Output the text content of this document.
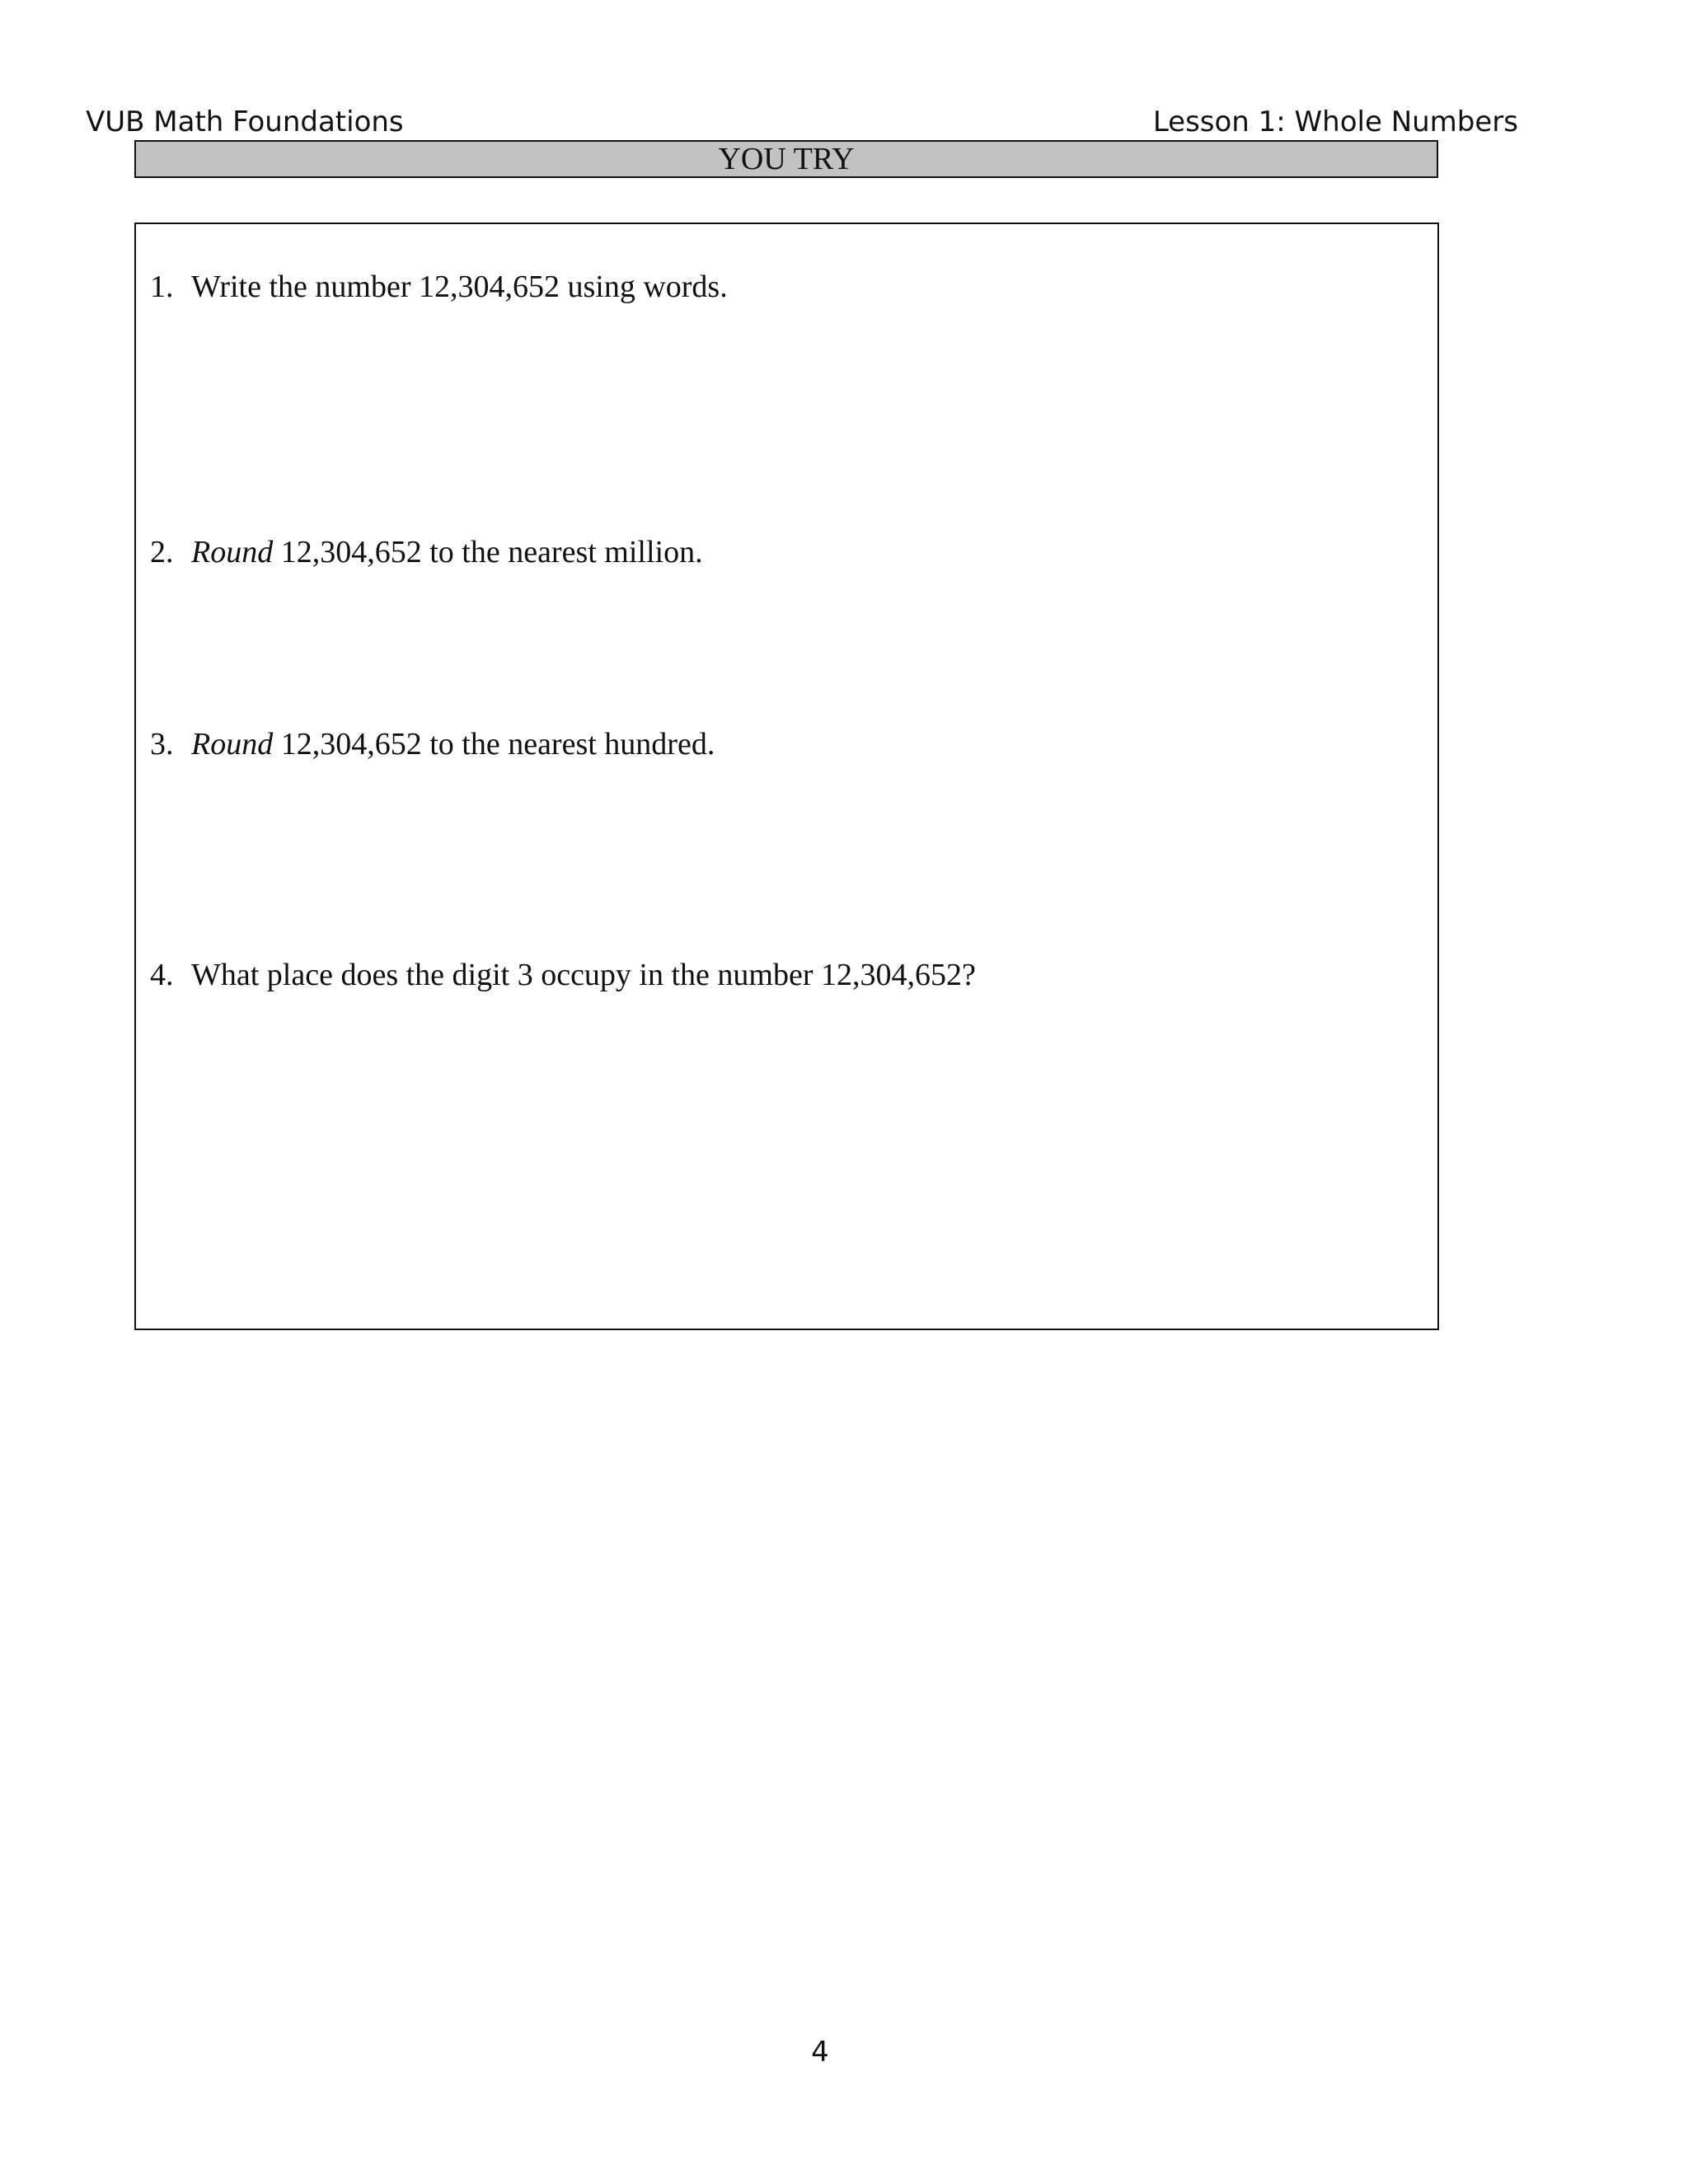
VUB Math Foundations	Lesson 1: Whole Numbers
YOU TRY
1. Write the number 12,304,652 using words.
2. Round 12,304,652 to the nearest million.
3. Round 12,304,652 to the nearest hundred.
4. What place does the digit 3 occupy in the number 12,304,652?
4
